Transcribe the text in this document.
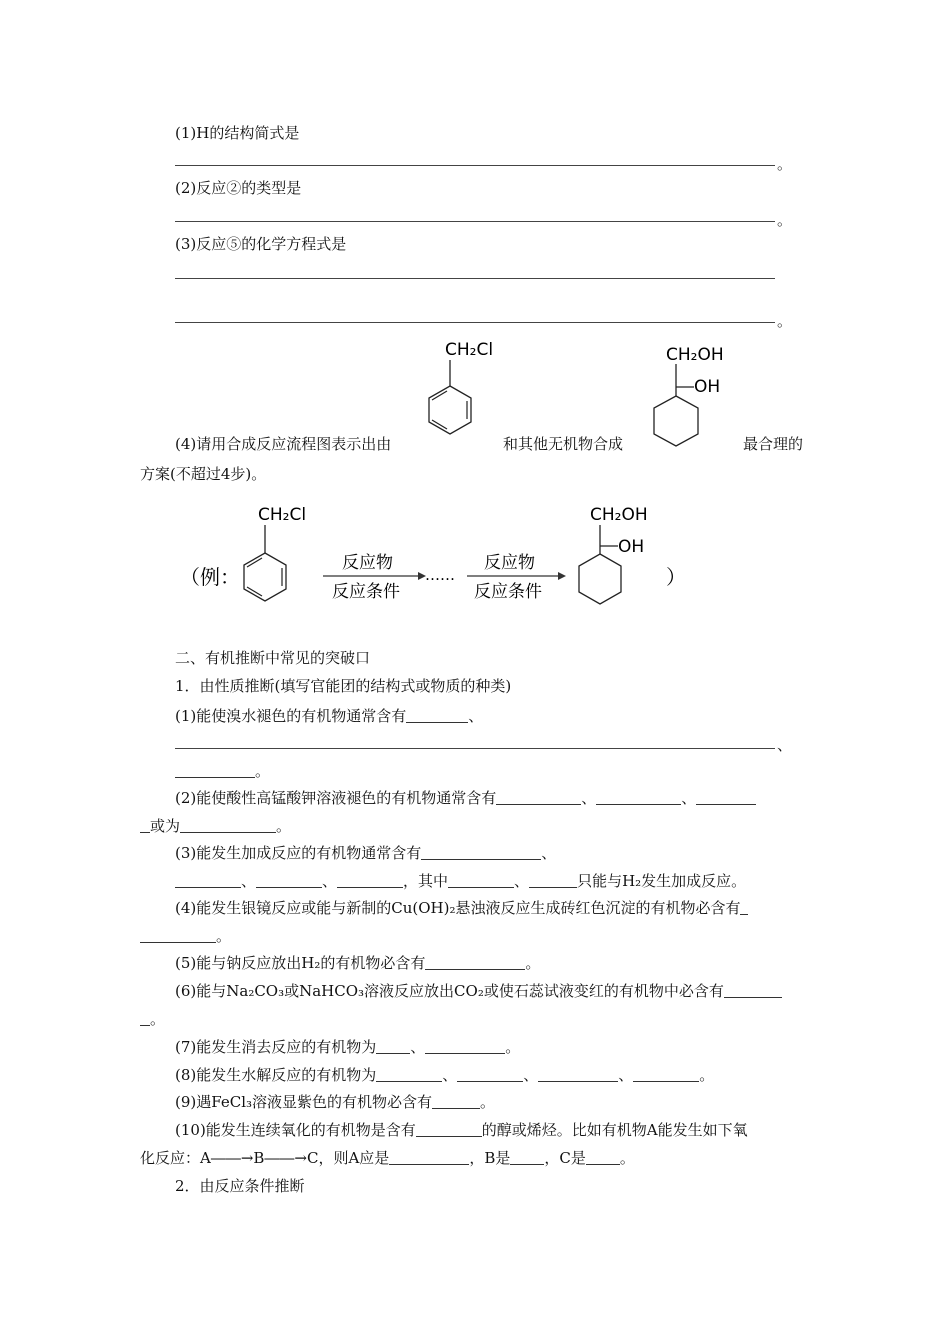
(1)H的结构简式是
。
(2)反应②的类型是
。
(3)反应⑤的化学方程式是
。
CH₂Cl	CH₂OH
OH
(4)请用合成反应流程图表示出由	和其他无机物合成	最合理的
方案(不超过4步)。
（例：
CH₂Cl
反应物
反应条件
……
反应物
反应条件
CH₂OH
OH
）
二、有机推断中常见的突破口
1．由性质推断(填写官能团的结构式或物质的种类)
(1)能使溴水褪色的有机物通常含有	、
、
。
(2)能使酸性高锰酸钾溶液褪色的有机物通常含有	、	、
或为	。
(3)能发生加成反应的有机物通常含有	、
、	、	，其中	、	只能与H₂发生加成反应。
(4)能发生银镜反应或能与新制的Cu(OH)₂悬浊液反应生成砖红色沉淀的有机物必含有
。
(5)能与钠反应放出H₂的有机物必含有	。
(6)能与Na₂CO₃或NaHCO₃溶液反应放出CO₂或使石蕊试液变红的有机物中必含有
。
(7)能发生消去反应的有机物为 、	。
(8)能发生水解反应的有机物为	、	、	、	。
(9)遇FeCl₃溶液显紫色的有机物必含有	。
(10)能发生连续氧化的有机物是含有	的醇或烯烃。比如有机物A能发生如下氧
化反应：A――→B――→C，则A应是	，B是 ，C是 。
2．由反应条件推断
